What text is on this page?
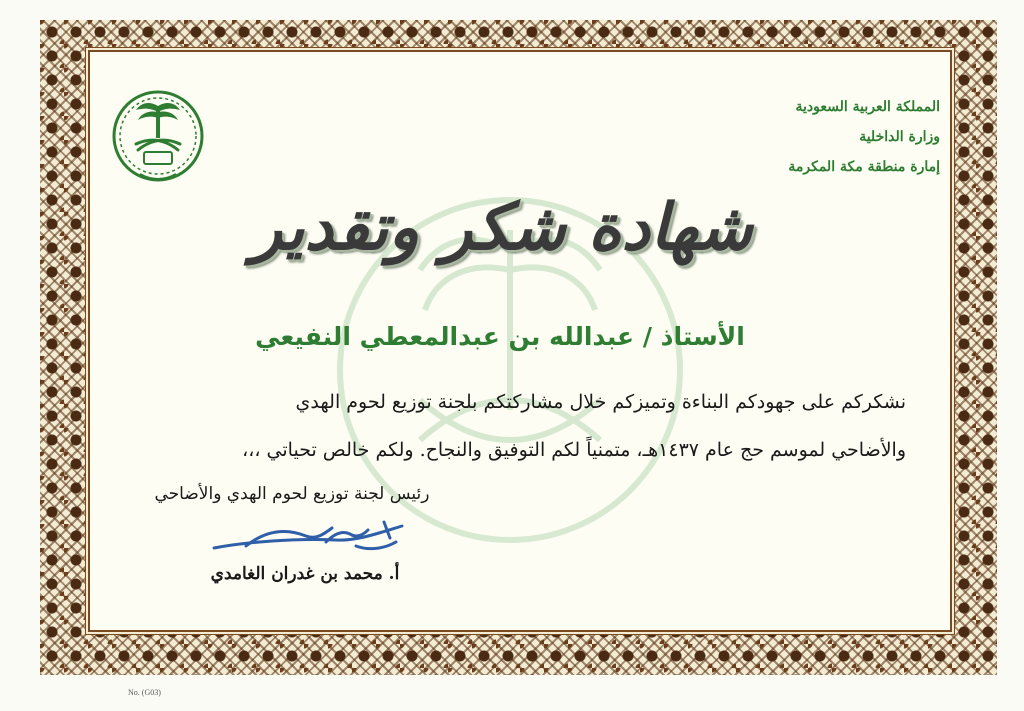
المملكة العربية السعودية
وزارة الداخلية
إمارة منطقة مكة المكرمة
شهادة شكر وتقدير
الأستاذ / عبدالله بن عبدالمعطي النفيعي

نشكركم على جهودكم البناءة وتميزكم خلال مشاركتكم بلجنة توزيع لحوم الهدي

والأضاحي لموسم حج عام ١٤٣٧هـ، متمنياً لكم التوفيق والنجاح. ولكم خالص تحياتي ،،،

رئيس لجنة توزيع لحوم الهدي والأضاحي
أ. محمد بن غدران الغامدي
No. (G03)
